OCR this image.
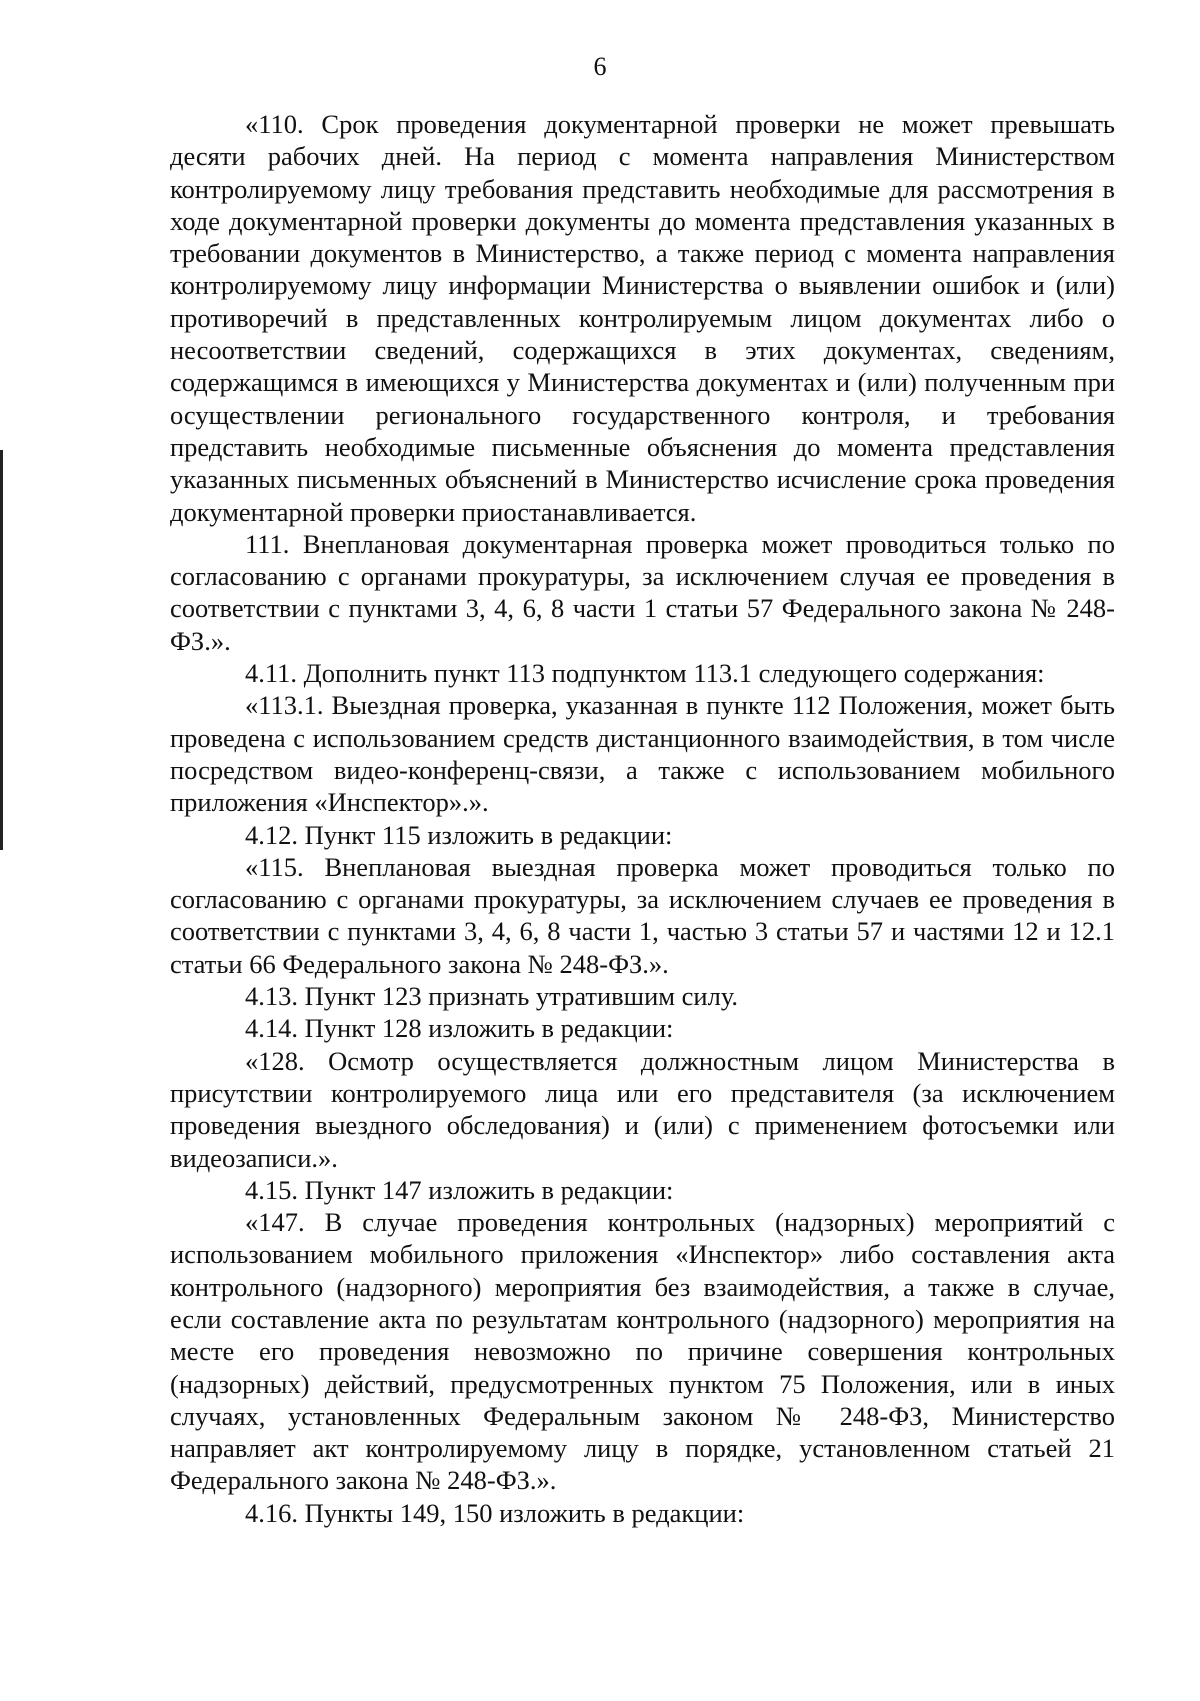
6

«110. Срок проведения документарной проверки не может превышать десяти рабочих дней. На период с момента направления Министерством контролируемому лицу требования представить необходимые для рассмотрения в ходе документарной проверки документы до момента представления указанных в требовании документов в Министерство, а также период с момента направления контролируемому лицу информации Министерства о выявлении ошибок и (или) противоречий в представленных контролируемым лицом документах либо о несоответствии сведений, содержащихся в этих документах, сведениям, содержащимся в имеющихся у Министерства документах и (или) полученным при осуществлении регионального государственного контроля, и требования представить необходимые письменные объяснения до момента представления указанных письменных объяснений в Министерство исчисление срока проведения документарной проверки приостанавливается.

111. Внеплановая документарная проверка может проводиться только по согласованию с органами прокуратуры, за исключением случая ее проведения в соответствии с пунктами 3, 4, 6, 8 части 1 статьи 57 Федерального закона № 248-ФЗ.».

4.11. Дополнить пункт 113 подпунктом 113.1 следующего содержания:

«113.1. Выездная проверка, указанная в пункте 112 Положения, может быть проведена с использованием средств дистанционного взаимодействия, в том числе посредством видео-конференц-связи, а также с использованием мобильного приложения «Инспектор».».

4.12. Пункт 115 изложить в редакции:

«115. Внеплановая выездная проверка может проводиться только по согласованию с органами прокуратуры, за исключением случаев ее проведения в соответствии с пунктами 3, 4, 6, 8 части 1, частью 3 статьи 57 и частями 12 и 12.1 статьи 66 Федерального закона № 248-ФЗ.».

4.13. Пункт 123 признать утратившим силу.

4.14. Пункт 128 изложить в редакции:

«128. Осмотр осуществляется должностным лицом Министерства в присутствии контролируемого лица или его представителя (за исключением проведения выездного обследования) и (или) с применением фотосъемки или видеозаписи.».

4.15. Пункт 147 изложить в редакции:

«147. В случае проведения контрольных (надзорных) мероприятий с использованием мобильного приложения «Инспектор» либо составления акта контрольного (надзорного) мероприятия без взаимодействия, а также в случае, если составление акта по результатам контрольного (надзорного) мероприятия на месте его проведения невозможно по причине совершения контрольных (надзорных) действий, предусмотренных пунктом 75 Положения, или в иных случаях, установленных Федеральным законом № 248-ФЗ, Министерство направляет акт контролируемому лицу в порядке, установленном статьей 21 Федерального закона № 248-ФЗ.».

4.16. Пункты 149, 150 изложить в редакции:
